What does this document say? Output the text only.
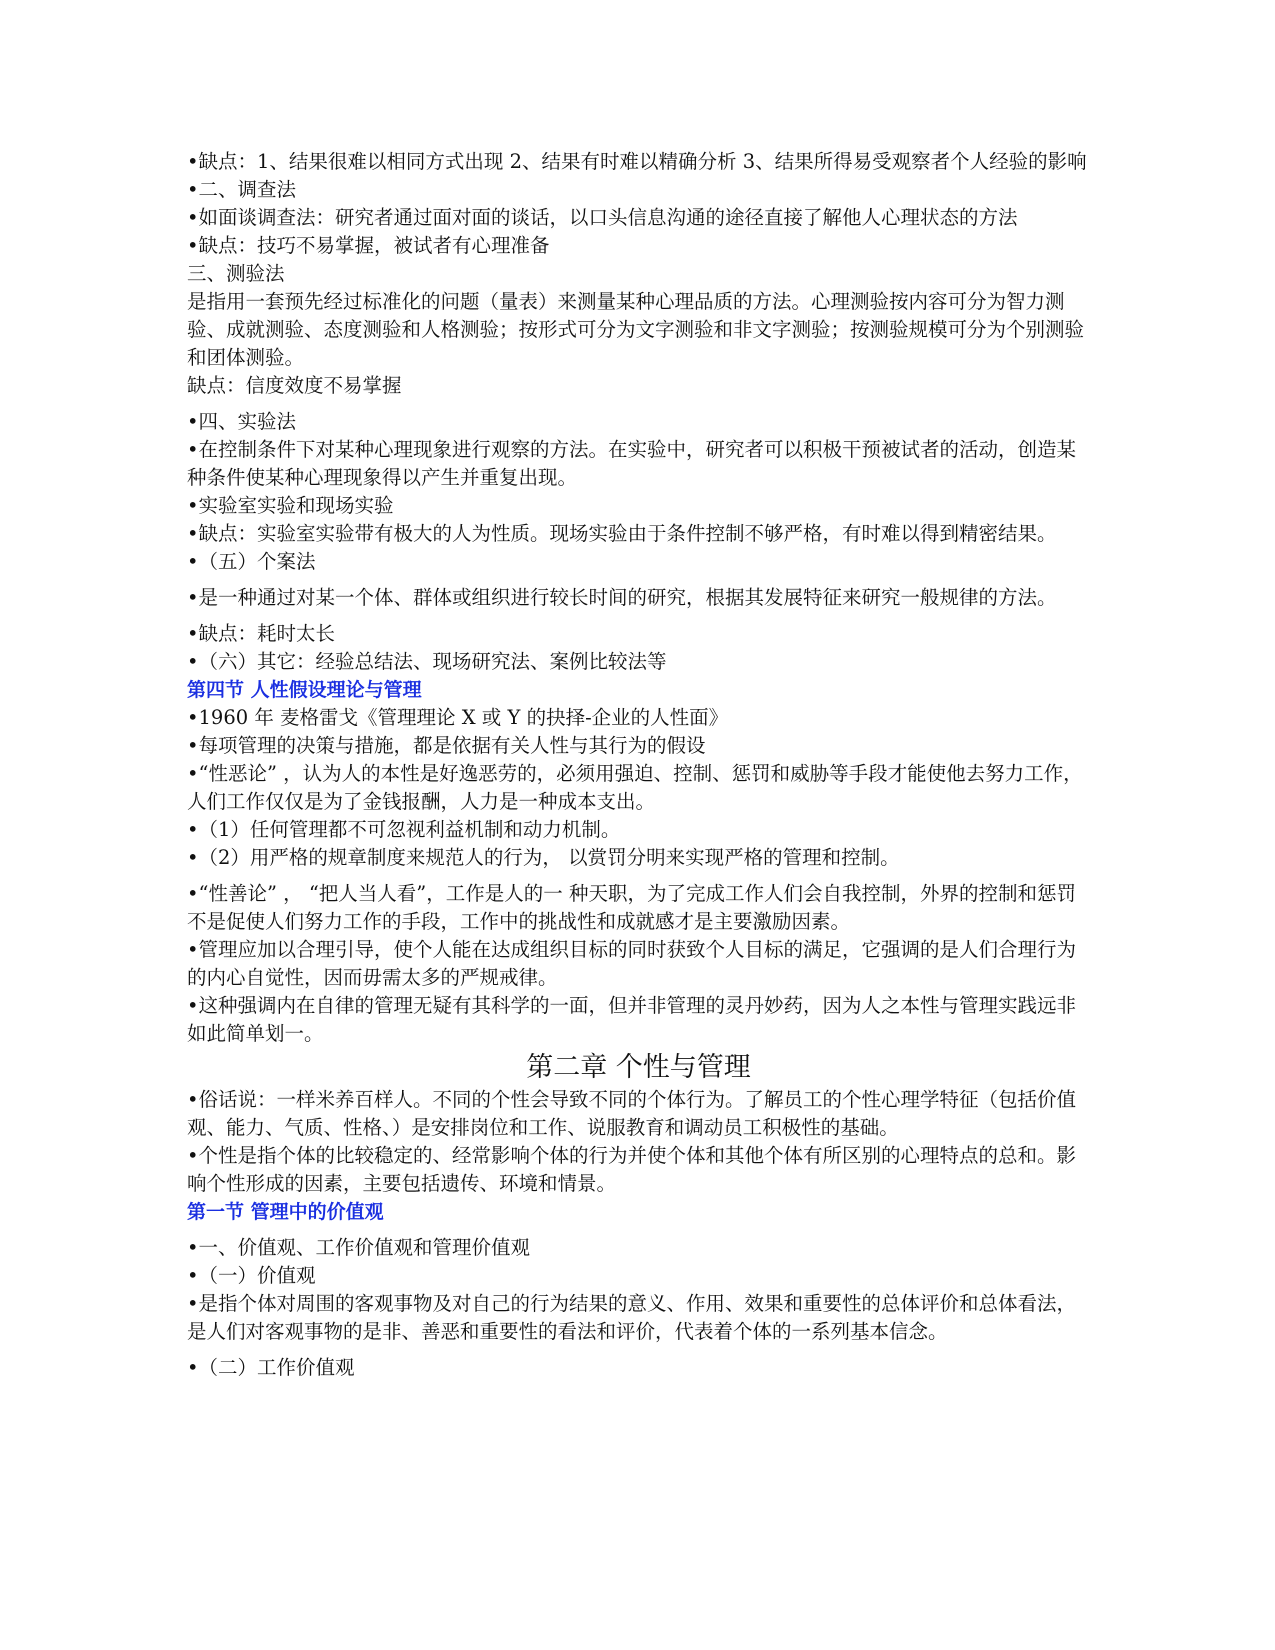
•缺点：1、结果很难以相同方式出现 2、结果有时难以精确分析 3、结果所得易受观察者个人经验的影响

•二、调查法

•如面谈调查法：研究者通过面对面的谈话，以口头信息沟通的途径直接了解他人心理状态的方法

•缺点：技巧不易掌握，被试者有心理准备

三、测验法

是指用一套预先经过标准化的问题（量表）来测量某种心理品质的方法。心理测验按内容可分为智力测验、成就测验、态度测验和人格测验；按形式可分为文字测验和非文字测验；按测验规模可分为个别测验和团体测验。

缺点：信度效度不易掌握

•四、实验法

•在控制条件下对某种心理现象进行观察的方法。在实验中，研究者可以积极干预被试者的活动，创造某种条件使某种心理现象得以产生并重复出现。

•实验室实验和现场实验

•缺点：实验室实验带有极大的人为性质。现场实验由于条件控制不够严格，有时难以得到精密结果。

•（五）个案法

•是一种通过对某一个体、群体或组织进行较长时间的研究，根据其发展特征来研究一般规律的方法。

•缺点：耗时太长

•（六）其它：经验总结法、现场研究法、案例比较法等

第四节 人性假设理论与管理

•1960 年 麦格雷戈《管理理论 X 或 Y 的抉择-企业的人性面》

•每项管理的决策与措施，都是依据有关人性与其行为的假设

•“性恶论” ，认为人的本性是好逸恶劳的，必须用强迫、控制、惩罚和威胁等手段才能使他去努力工作，人们工作仅仅是为了金钱报酬，人力是一种成本支出。

•（1）任何管理都不可忽视利益机制和动力机制。

•（2）用严格的规章制度来规范人的行为， 以赏罚分明来实现严格的管理和控制。

•“性善论” ， “把人当人看”，工作是人的一 种天职，为了完成工作人们会自我控制，外界的控制和惩罚不是促使人们努力工作的手段，工作中的挑战性和成就感才是主要激励因素。

•管理应加以合理引导，使个人能在达成组织目标的同时获致个人目标的满足，它强调的是人们合理行为的内心自觉性，因而毋需太多的严规戒律。

•这种强调内在自律的管理无疑有其科学的一面，但并非管理的灵丹妙药，因为人之本性与管理实践远非如此简单划一。

第二章 个性与管理

•俗话说：一样米养百样人。不同的个性会导致不同的个体行为。了解员工的个性心理学特征（包括价值观、能力、气质、性格、）是安排岗位和工作、说服教育和调动员工积极性的基础。

•个性是指个体的比较稳定的、经常影响个体的行为并使个体和其他个体有所区别的心理特点的总和。影响个性形成的因素，主要包括遗传、环境和情景。

第一节 管理中的价值观

•一、价值观、工作价值观和管理价值观

•（一）价值观

•是指个体对周围的客观事物及对自己的行为结果的意义、作用、效果和重要性的总体评价和总体看法，是人们对客观事物的是非、善恶和重要性的看法和评价，代表着个体的一系列基本信念。

•（二）工作价值观
